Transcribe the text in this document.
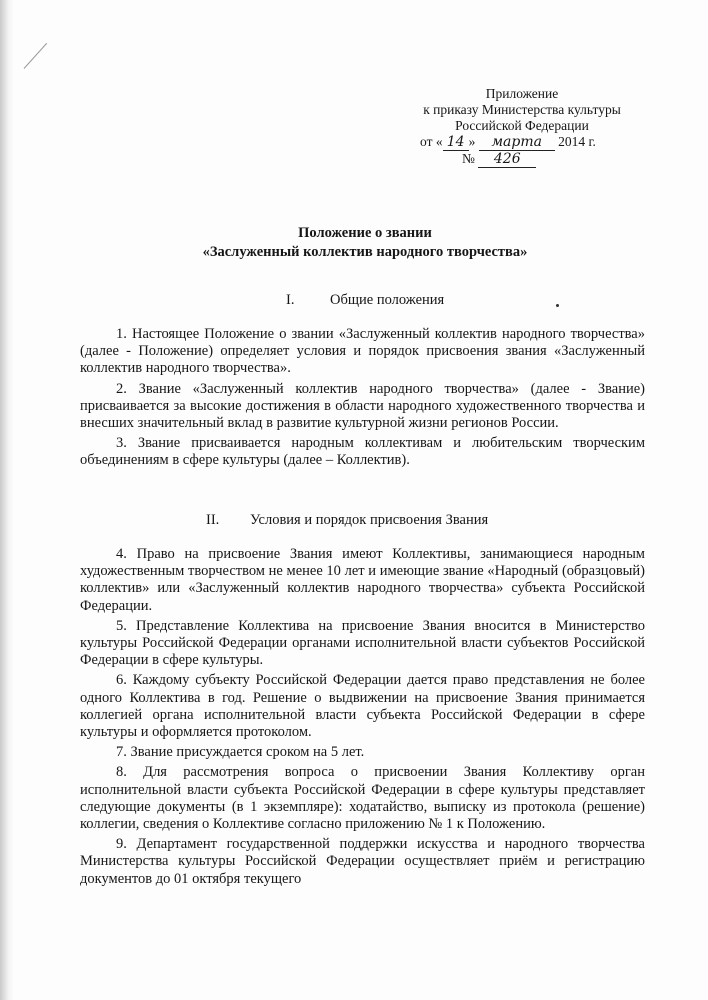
Приложение
к приказу Министерства культуры
Российской Федерации
от « 14 » марта 2014 г.
№ 426
Положение о звании
«Заслуженный коллектив народного творчества»
I. Общие положения

1. Настоящее Положение о звании «Заслуженный коллектив народного творчества» (далее - Положение) определяет условия и порядок присвоения звания «Заслуженный коллектив народного творчества».

2. Звание «Заслуженный коллектив народного творчества» (далее - Звание) присваивается за высокие достижения в области народного художественного творчества и внесших значительный вклад в развитие культурной жизни регионов России.

3. Звание присваивается народным коллективам и любительским творческим объединениям в сфере культуры (далее – Коллектив).

II. Условия и порядок присвоения Звания

4. Право на присвоение Звания имеют Коллективы, занимающиеся народным художественным творчеством не менее 10 лет и имеющие звание «Народный (образцовый) коллектив» или «Заслуженный коллектив народного творчества» субъекта Российской Федерации.

5. Представление Коллектива на присвоение Звания вносится в Министерство культуры Российской Федерации органами исполнительной власти субъектов Российской Федерации в сфере культуры.

6. Каждому субъекту Российской Федерации дается право представления не более одного Коллектива в год. Решение о выдвижении на присвоение Звания принимается коллегией органа исполнительной власти субъекта Российской Федерации в сфере культуры и оформляется протоколом.

7. Звание присуждается сроком на 5 лет.

8. Для рассмотрения вопроса о присвоении Звания Коллективу орган исполнительной власти субъекта Российской Федерации в сфере культуры представляет следующие документы (в 1 экземпляре): ходатайство, выписку из протокола (решение) коллегии, сведения о Коллективе согласно приложению № 1 к Положению.

9. Департамент государственной поддержки искусства и народного творчества Министерства культуры Российской Федерации осуществляет приём и регистрацию документов до 01 октября текущего
